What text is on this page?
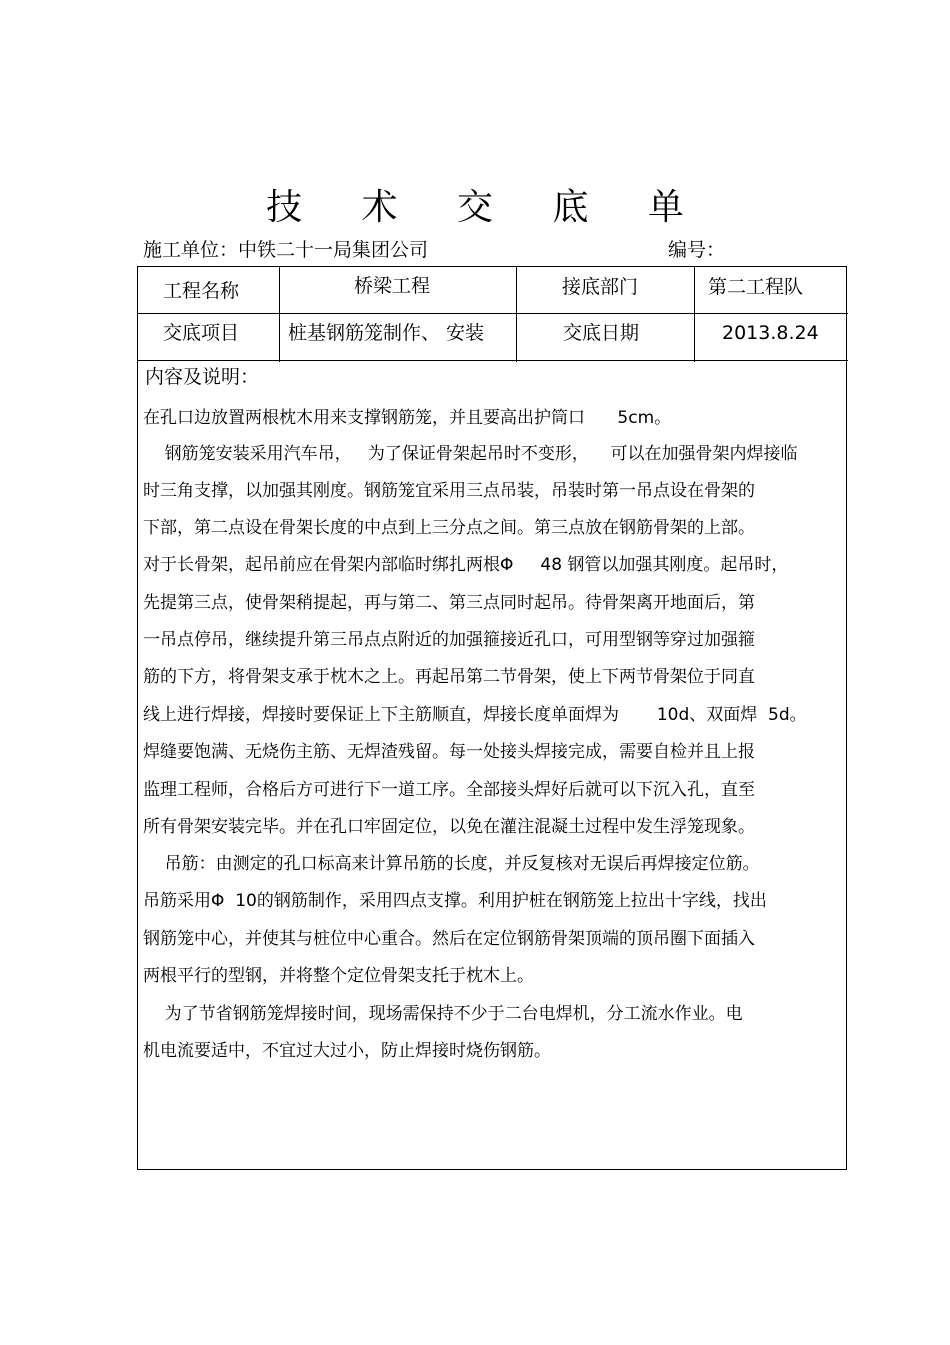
技 术 交 底 单
施工单位：中铁二十一局集团公司	编号：
工程名称	桥梁工程	接底部门	第二工程队
交底项目	桩基钢筋笼制作、 安装	交底日期	2013.8.24
内容及说明：
在孔口边放置两根枕木用来支撑钢筋笼，并且要高出护筒口      5cm。
钢筋笼安装采用汽车吊，   为了保证骨架起吊时不变形，    可以在加强骨架内焊接临
时三角支撑，以加强其刚度。钢筋笼宜采用三点吊装，吊装时第一吊点设在骨架的
下部，第二点设在骨架长度的中点到上三分点之间。第三点放在钢筋骨架的上部。
对于长骨架，起吊前应在骨架内部临时绑扎两根Φ     48 钢管以加强其刚度。起吊时，
先提第三点，使骨架稍提起，再与第二、第三点同时起吊。待骨架离开地面后，第
一吊点停吊，继续提升第三吊点点附近的加强箍接近孔口，可用型钢等穿过加强箍
筋的下方，将骨架支承于枕木之上。再起吊第二节骨架，使上下两节骨架位于同直
线上进行焊接，焊接时要保证上下主筋顺直，焊接长度单面焊为       10d、双面焊  5d。
焊缝要饱满、无烧伤主筋、无焊渣残留。每一处接头焊接完成，需要自检并且上报
监理工程师，合格后方可进行下一道工序。全部接头焊好后就可以下沉入孔，直至
所有骨架安装完毕。并在孔口牢固定位，以免在灌注混凝土过程中发生浮笼现象。
吊筋：由测定的孔口标高来计算吊筋的长度，并反复核对无误后再焊接定位筋。
吊筋采用Φ  10的钢筋制作，采用四点支撑。利用护桩在钢筋笼上拉出十字线，找出
钢筋笼中心，并使其与桩位中心重合。然后在定位钢筋骨架顶端的顶吊圈下面插入
两根平行的型钢，并将整个定位骨架支托于枕木上。
为了节省钢筋笼焊接时间，现场需保持不少于二台电焊机，分工流水作业。电
机电流要适中，不宜过大过小，防止焊接时烧伤钢筋。
